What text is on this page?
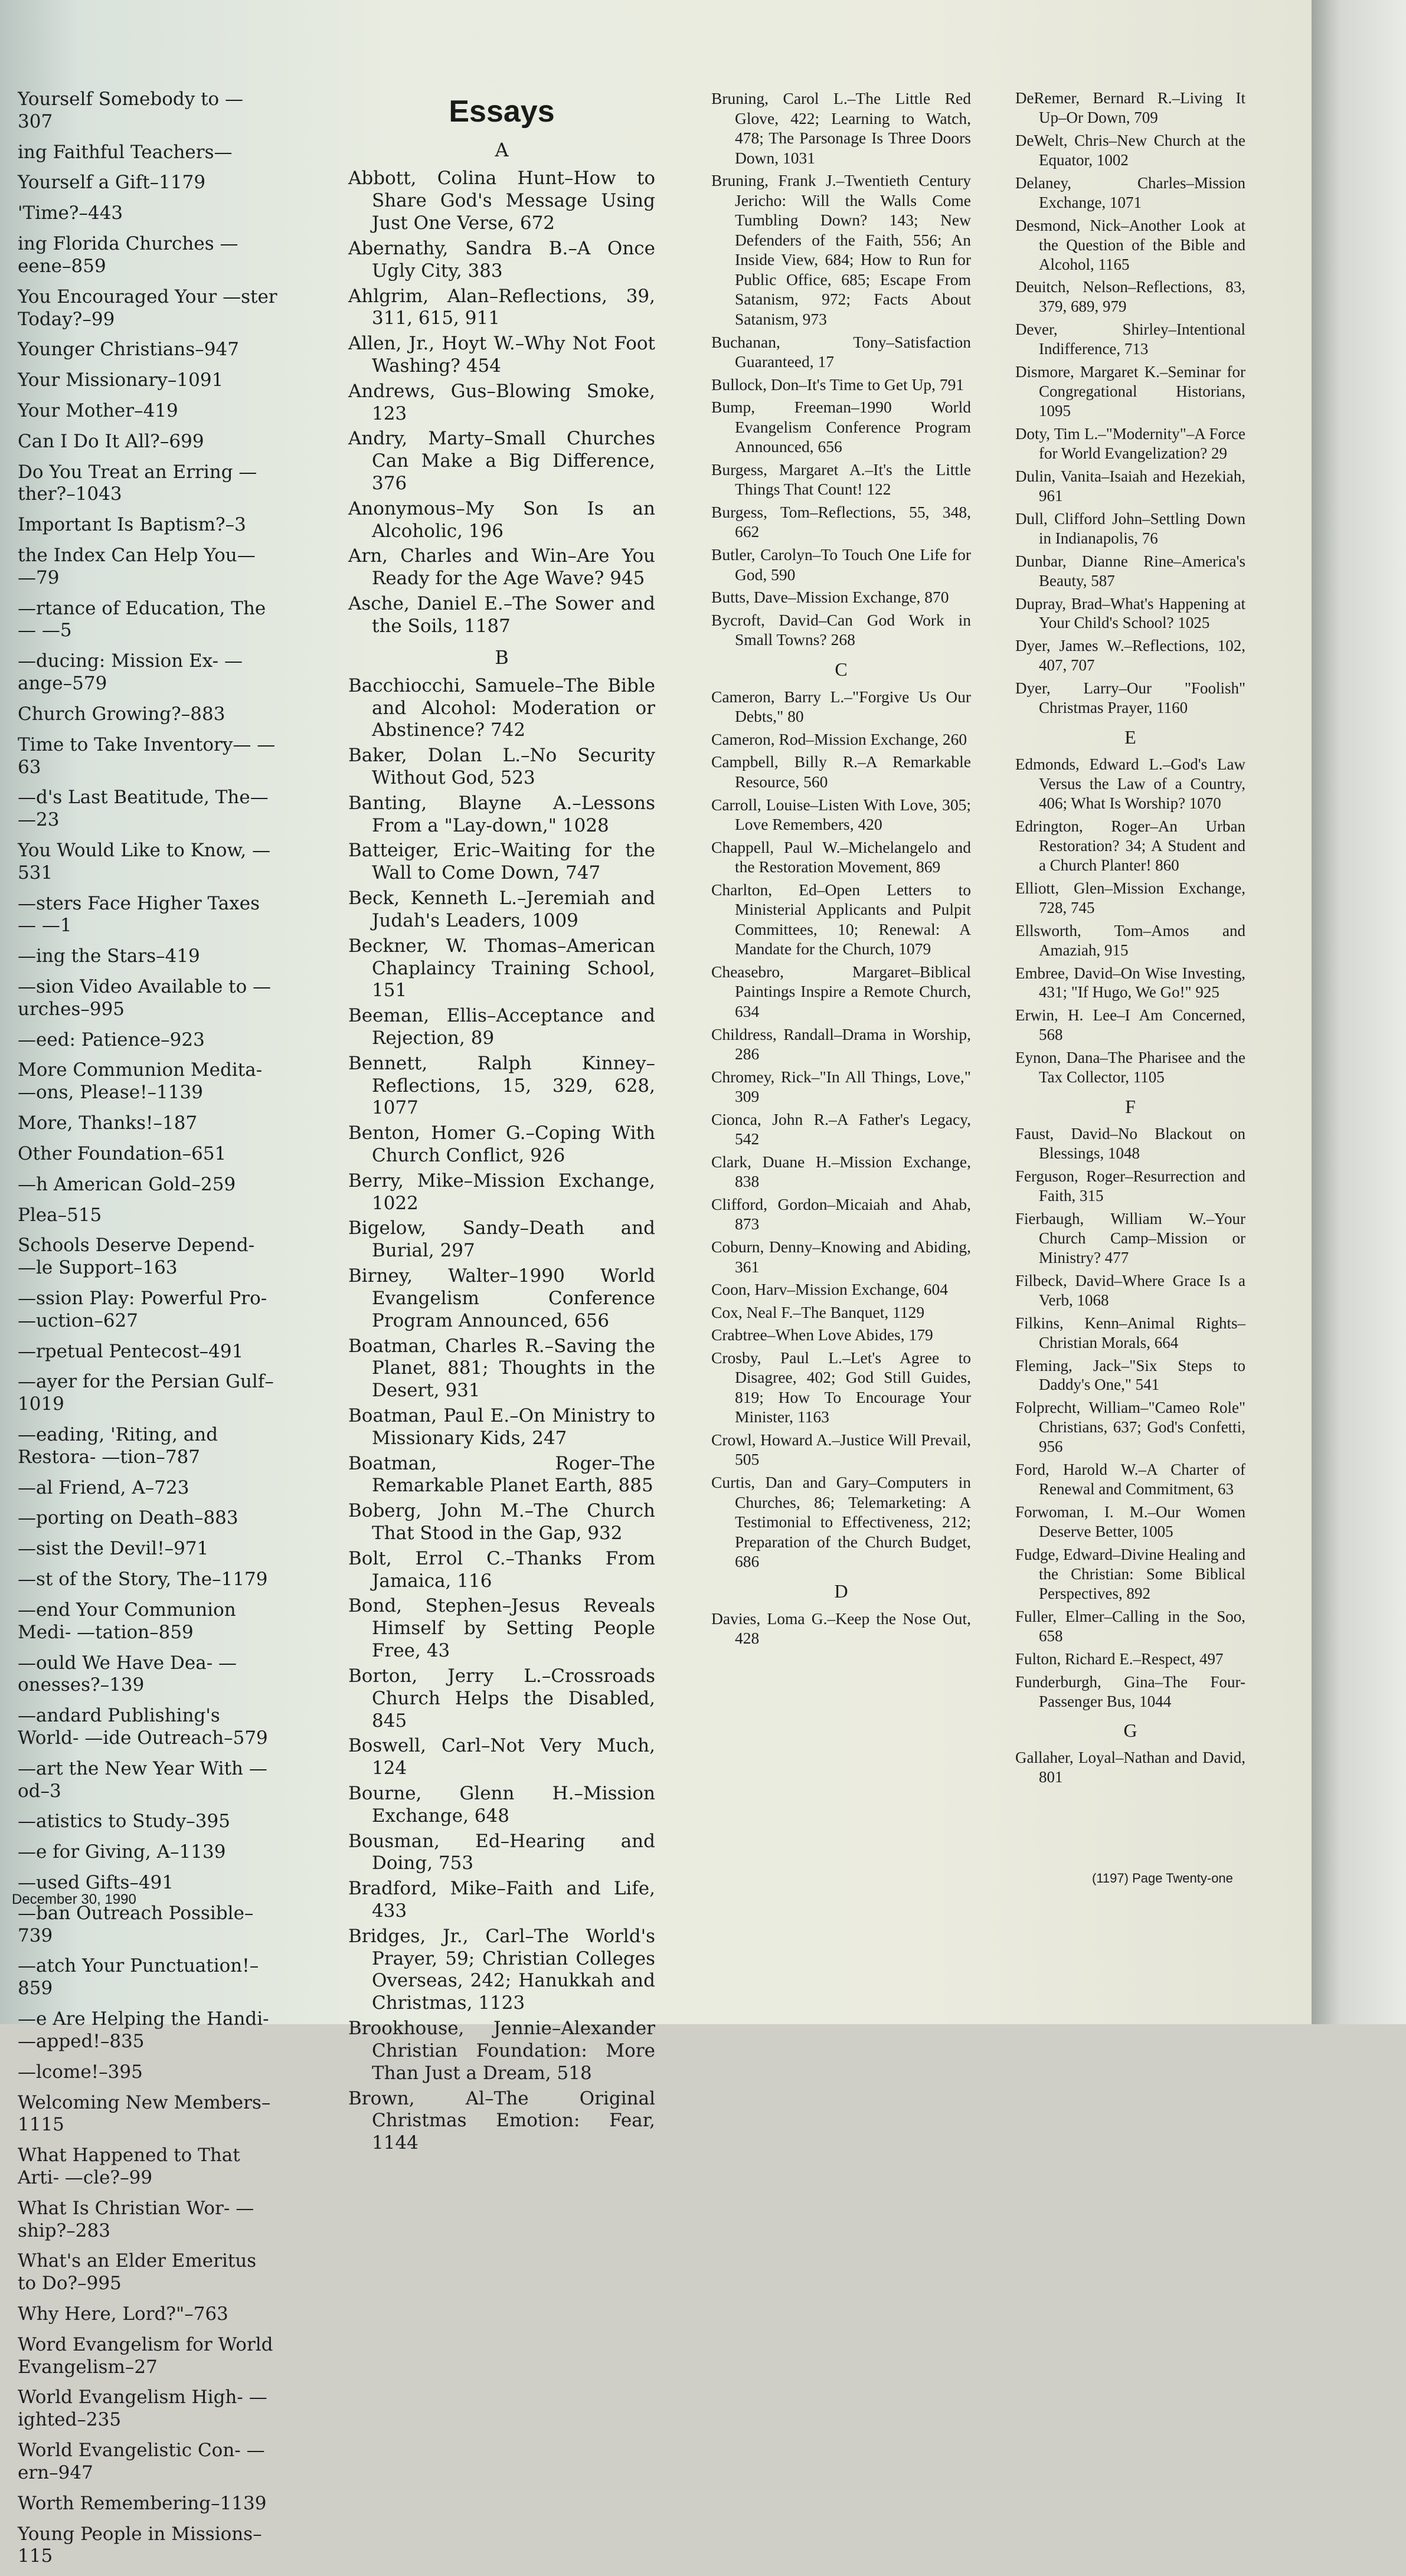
Yourself Somebody to —307
ing Faithful Teachers—
Yourself a Gift–1179
'Time?–443
ing Florida Churches —eene–859
You Encouraged Your —ster Today?–99
Younger Christians–947
Your Missionary–1091
Your Mother–419
Can I Do It All?–699
Do You Treat an Erring —ther?–1043
Important Is Baptism?–3
the Index Can Help You— —79
—rtance of Education, The— —5
—ducing: Mission Ex- —ange–579
Church Growing?–883
Time to Take Inventory— —63
—d's Last Beatitude, The— —23
You Would Like to Know, —531
—sters Face Higher Taxes— —1
—ing the Stars–419
—sion Video Available to —urches–995
—eed: Patience–923
More Communion Medita- —ons, Please!–1139
More, Thanks!–187
Other Foundation–651
—h American Gold–259
Plea–515
Schools Deserve Depend- —le Support–163
—ssion Play: Powerful Pro- —uction–627
—rpetual Pentecost–491
—ayer for the Persian Gulf– 1019
—eading, 'Riting, and Restora- —tion–787
—al Friend, A–723
—porting on Death–883
—sist the Devil!–971
—st of the Story, The–1179
—end Your Communion Medi- —tation–859
—ould We Have Dea- —onesses?–139
—andard Publishing's World- —ide Outreach–579
—art the New Year With —od–3
—atistics to Study–395
—e for Giving, A–1139
—used Gifts–491
—ban Outreach Possible–739
—atch Your Punctuation!–859
—e Are Helping the Handi- —apped!–835
—lcome!–395
Welcoming New Members– 1115
What Happened to That Arti- —cle?–99
What Is Christian Wor- —ship?–283
What's an Elder Emeritus to Do?–995
Why Here, Lord?"–763
Word Evangelism for World Evangelism–27
World Evangelism High- —ighted–235
World Evangelistic Con- —ern–947
Worth Remembering–1139
Young People in Missions–115
Essays
A
Abbott, Colina Hunt–How to Share God's Message Using Just One Verse, 672
Abernathy, Sandra B.–A Once Ugly City, 383
Ahlgrim, Alan–Reflections, 39, 311, 615, 911
Allen, Jr., Hoyt W.–Why Not Foot Washing? 454
Andrews, Gus–Blowing Smoke, 123
Andry, Marty–Small Churches Can Make a Big Difference, 376
Anonymous–My Son Is an Alcoholic, 196
Arn, Charles and Win–Are You Ready for the Age Wave? 945
Asche, Daniel E.–The Sower and the Soils, 1187
B
Bacchiocchi, Samuele–The Bible and Alcohol: Moderation or Abstinence? 742
Baker, Dolan L.–No Security Without God, 523
Banting, Blayne A.–Lessons From a "Lay-down," 1028
Batteiger, Eric–Waiting for the Wall to Come Down, 747
Beck, Kenneth L.–Jeremiah and Judah's Leaders, 1009
Beckner, W. Thomas–American Chaplaincy Training School, 151
Beeman, Ellis–Acceptance and Rejection, 89
Bennett, Ralph Kinney–Reflections, 15, 329, 628, 1077
Benton, Homer G.–Coping With Church Conflict, 926
Berry, Mike–Mission Exchange, 1022
Bigelow, Sandy–Death and Burial, 297
Birney, Walter–1990 World Evangelism Conference Program Announced, 656
Boatman, Charles R.–Saving the Planet, 881; Thoughts in the Desert, 931
Boatman, Paul E.–On Ministry to Missionary Kids, 247
Boatman, Roger–The Remarkable Planet Earth, 885
Boberg, John M.–The Church That Stood in the Gap, 932
Bolt, Errol C.–Thanks From Jamaica, 116
Bond, Stephen–Jesus Reveals Himself by Setting People Free, 43
Borton, Jerry L.–Crossroads Church Helps the Disabled, 845
Boswell, Carl–Not Very Much, 124
Bourne, Glenn H.–Mission Exchange, 648
Bousman, Ed–Hearing and Doing, 753
Bradford, Mike–Faith and Life, 433
Bridges, Jr., Carl–The World's Prayer, 59; Christian Colleges Overseas, 242; Hanukkah and Christmas, 1123
Brookhouse, Jennie–Alexander Christian Foundation: More Than Just a Dream, 518
Brown, Al–The Original Christmas Emotion: Fear, 1144
Bruning, Carol L.–The Little Red Glove, 422; Learning to Watch, 478; The Parsonage Is Three Doors Down, 1031
Bruning, Frank J.–Twentieth Century Jericho: Will the Walls Come Tumbling Down? 143; New Defenders of the Faith, 556; An Inside View, 684; How to Run for Public Office, 685; Escape From Satanism, 972; Facts About Satanism, 973
Buchanan, Tony–Satisfaction Guaranteed, 17
Bullock, Don–It's Time to Get Up, 791
Bump, Freeman–1990 World Evangelism Conference Program Announced, 656
Burgess, Margaret A.–It's the Little Things That Count! 122
Burgess, Tom–Reflections, 55, 348, 662
Butler, Carolyn–To Touch One Life for God, 590
Butts, Dave–Mission Exchange, 870
Bycroft, David–Can God Work in Small Towns? 268
C
Cameron, Barry L.–"Forgive Us Our Debts," 80
Cameron, Rod–Mission Exchange, 260
Campbell, Billy R.–A Remarkable Resource, 560
Carroll, Louise–Listen With Love, 305; Love Remembers, 420
Chappell, Paul W.–Michelangelo and the Restoration Movement, 869
Charlton, Ed–Open Letters to Ministerial Applicants and Pulpit Committees, 10; Renewal: A Mandate for the Church, 1079
Cheasebro, Margaret–Biblical Paintings Inspire a Remote Church, 634
Childress, Randall–Drama in Worship, 286
Chromey, Rick–"In All Things, Love," 309
Cionca, John R.–A Father's Legacy, 542
Clark, Duane H.–Mission Exchange, 838
Clifford, Gordon–Micaiah and Ahab, 873
Coburn, Denny–Knowing and Abiding, 361
Coon, Harv–Mission Exchange, 604
Cox, Neal F.–The Banquet, 1129
Crabtree–When Love Abides, 179
Crosby, Paul L.–Let's Agree to Disagree, 402; God Still Guides, 819; How To Encourage Your Minister, 1163
Crowl, Howard A.–Justice Will Prevail, 505
Curtis, Dan and Gary–Computers in Churches, 86; Telemarketing: A Testimonial to Effectiveness, 212; Preparation of the Church Budget, 686
D
Davies, Loma G.–Keep the Nose Out, 428
DeRemer, Bernard R.–Living It Up–Or Down, 709
DeWelt, Chris–New Church at the Equator, 1002
Delaney, Charles–Mission Exchange, 1071
Desmond, Nick–Another Look at the Question of the Bible and Alcohol, 1165
Deuitch, Nelson–Reflections, 83, 379, 689, 979
Dever, Shirley–Intentional Indifference, 713
Dismore, Margaret K.–Seminar for Congregational Historians, 1095
Doty, Tim L.–"Modernity"–A Force for World Evangelization? 29
Dulin, Vanita–Isaiah and Hezekiah, 961
Dull, Clifford John–Settling Down in Indianapolis, 76
Dunbar, Dianne Rine–America's Beauty, 587
Dupray, Brad–What's Happening at Your Child's School? 1025
Dyer, James W.–Reflections, 102, 407, 707
Dyer, Larry–Our "Foolish" Christmas Prayer, 1160
E
Edmonds, Edward L.–God's Law Versus the Law of a Country, 406; What Is Worship? 1070
Edrington, Roger–An Urban Restoration? 34; A Student and a Church Planter! 860
Elliott, Glen–Mission Exchange, 728, 745
Ellsworth, Tom–Amos and Amaziah, 915
Embree, David–On Wise Investing, 431; "If Hugo, We Go!" 925
Erwin, H. Lee–I Am Concerned, 568
Eynon, Dana–The Pharisee and the Tax Collector, 1105
F
Faust, David–No Blackout on Blessings, 1048
Ferguson, Roger–Resurrection and Faith, 315
Fierbaugh, William W.–Your Church Camp–Mission or Ministry? 477
Filbeck, David–Where Grace Is a Verb, 1068
Filkins, Kenn–Animal Rights–Christian Morals, 664
Fleming, Jack–"Six Steps to Daddy's One," 541
Folprecht, William–"Cameo Role" Christians, 637; God's Confetti, 956
Ford, Harold W.–A Charter of Renewal and Commitment, 63
Forwoman, I. M.–Our Women Deserve Better, 1005
Fudge, Edward–Divine Healing and the Christian: Some Biblical Perspectives, 892
Fuller, Elmer–Calling in the Soo, 658
Fulton, Richard E.–Respect, 497
Funderburgh, Gina–The Four-Passenger Bus, 1044
G
Gallaher, Loyal–Nathan and David, 801
December 30, 1990
(1197) Page Twenty-one
